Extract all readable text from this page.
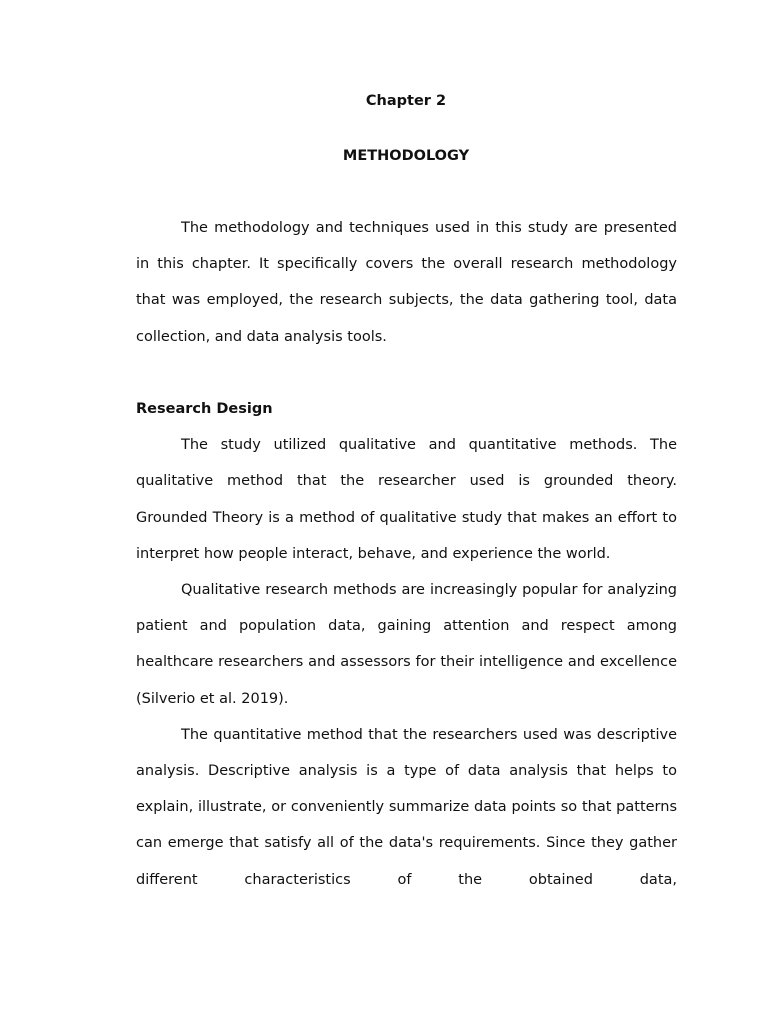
Chapter 2
METHODOLOGY

The methodology and techniques used in this study are presented in this chapter. It specifically covers the overall research methodology that was employed, the research subjects, the data gathering tool, data collection, and data analysis tools.

Research Design

The study utilized qualitative and quantitative methods. The qualitative method that the researcher used is grounded theory. Grounded Theory is a method of qualitative study that makes an effort to interpret how people interact, behave, and experience the world.

Qualitative research methods are increasingly popular for analyzing patient and population data, gaining attention and respect among healthcare researchers and assessors for their intelligence and excellence (Silverio et al. 2019).

The quantitative method that the researchers used was descriptive analysis. Descriptive analysis is a type of data analysis that helps to explain, illustrate, or conveniently summarize data points so that patterns can emerge that satisfy all of the data's requirements. Since they gather different characteristics of the obtained data,
